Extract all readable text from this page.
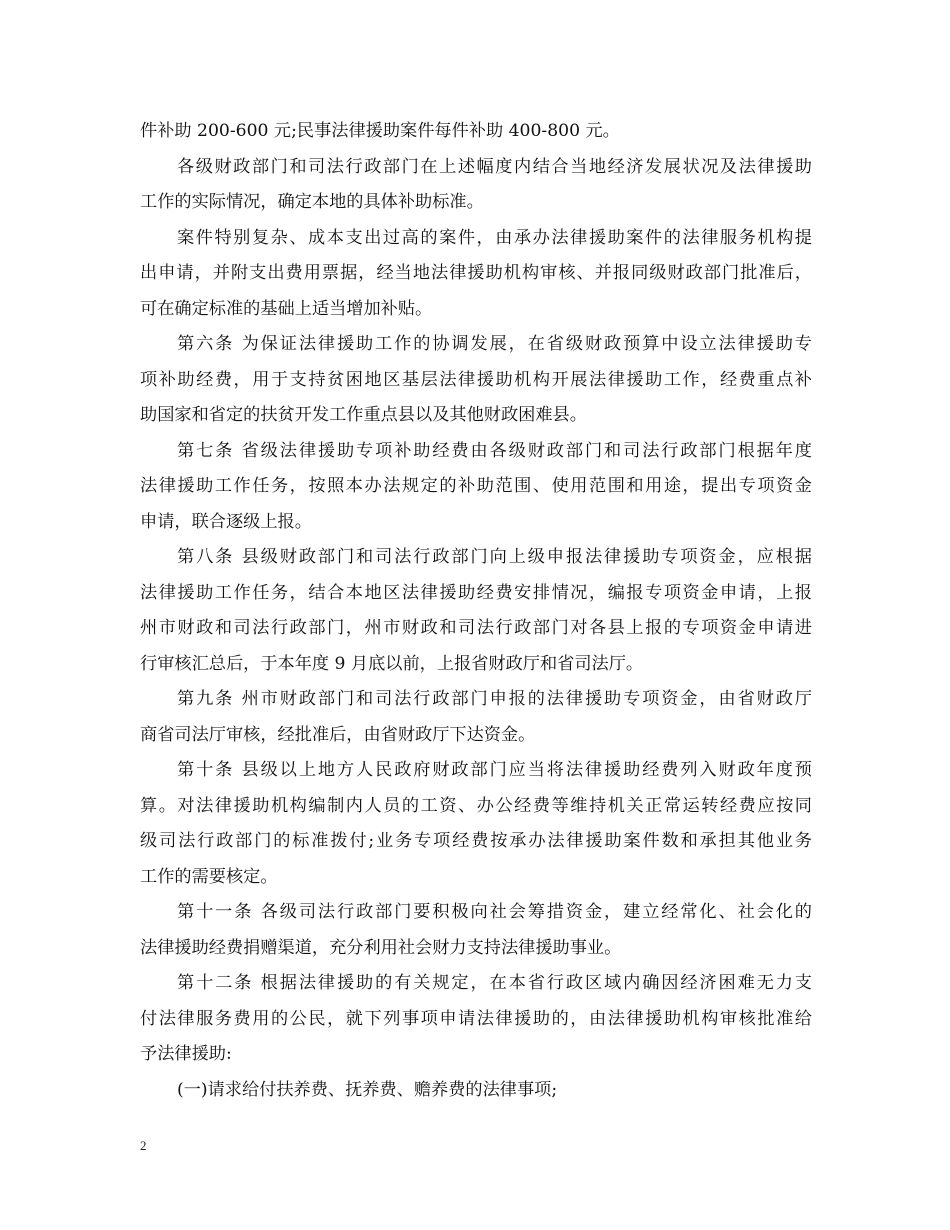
件补助 200-600 元;民事法律援助案件每件补助 400-800 元。
各级财政部门和司法行政部门在上述幅度内结合当地经济发展状况及法律援助
工作的实际情况，确定本地的具体补助标准。
案件特别复杂、成本支出过高的案件，由承办法律援助案件的法律服务机构提
出申请，并附支出费用票据，经当地法律援助机构审核、并报同级财政部门批准后，
可在确定标准的基础上适当增加补贴。
第六条 为保证法律援助工作的协调发展，在省级财政预算中设立法律援助专
项补助经费，用于支持贫困地区基层法律援助机构开展法律援助工作，经费重点补
助国家和省定的扶贫开发工作重点县以及其他财政困难县。
第七条 省级法律援助专项补助经费由各级财政部门和司法行政部门根据年度
法律援助工作任务，按照本办法规定的补助范围、使用范围和用途，提出专项资金
申请，联合逐级上报。
第八条 县级财政部门和司法行政部门向上级申报法律援助专项资金，应根据
法律援助工作任务，结合本地区法律援助经费安排情况，编报专项资金申请，上报
州市财政和司法行政部门，州市财政和司法行政部门对各县上报的专项资金申请进
行审核汇总后，于本年度 9 月底以前，上报省财政厅和省司法厅。
第九条 州市财政部门和司法行政部门申报的法律援助专项资金，由省财政厅
商省司法厅审核，经批准后，由省财政厅下达资金。
第十条 县级以上地方人民政府财政部门应当将法律援助经费列入财政年度预
算。对法律援助机构编制内人员的工资、办公经费等维持机关正常运转经费应按同
级司法行政部门的标准拨付;业务专项经费按承办法律援助案件数和承担其他业务
工作的需要核定。
第十一条 各级司法行政部门要积极向社会筹措资金，建立经常化、社会化的
法律援助经费捐赠渠道，充分利用社会财力支持法律援助事业。
第十二条 根据法律援助的有关规定，在本省行政区域内确因经济困难无力支
付法律服务费用的公民，就下列事项申请法律援助的，由法律援助机构审核批准给
予法律援助:
(一)请求给付扶养费、抚养费、赡养费的法律事项;
2
